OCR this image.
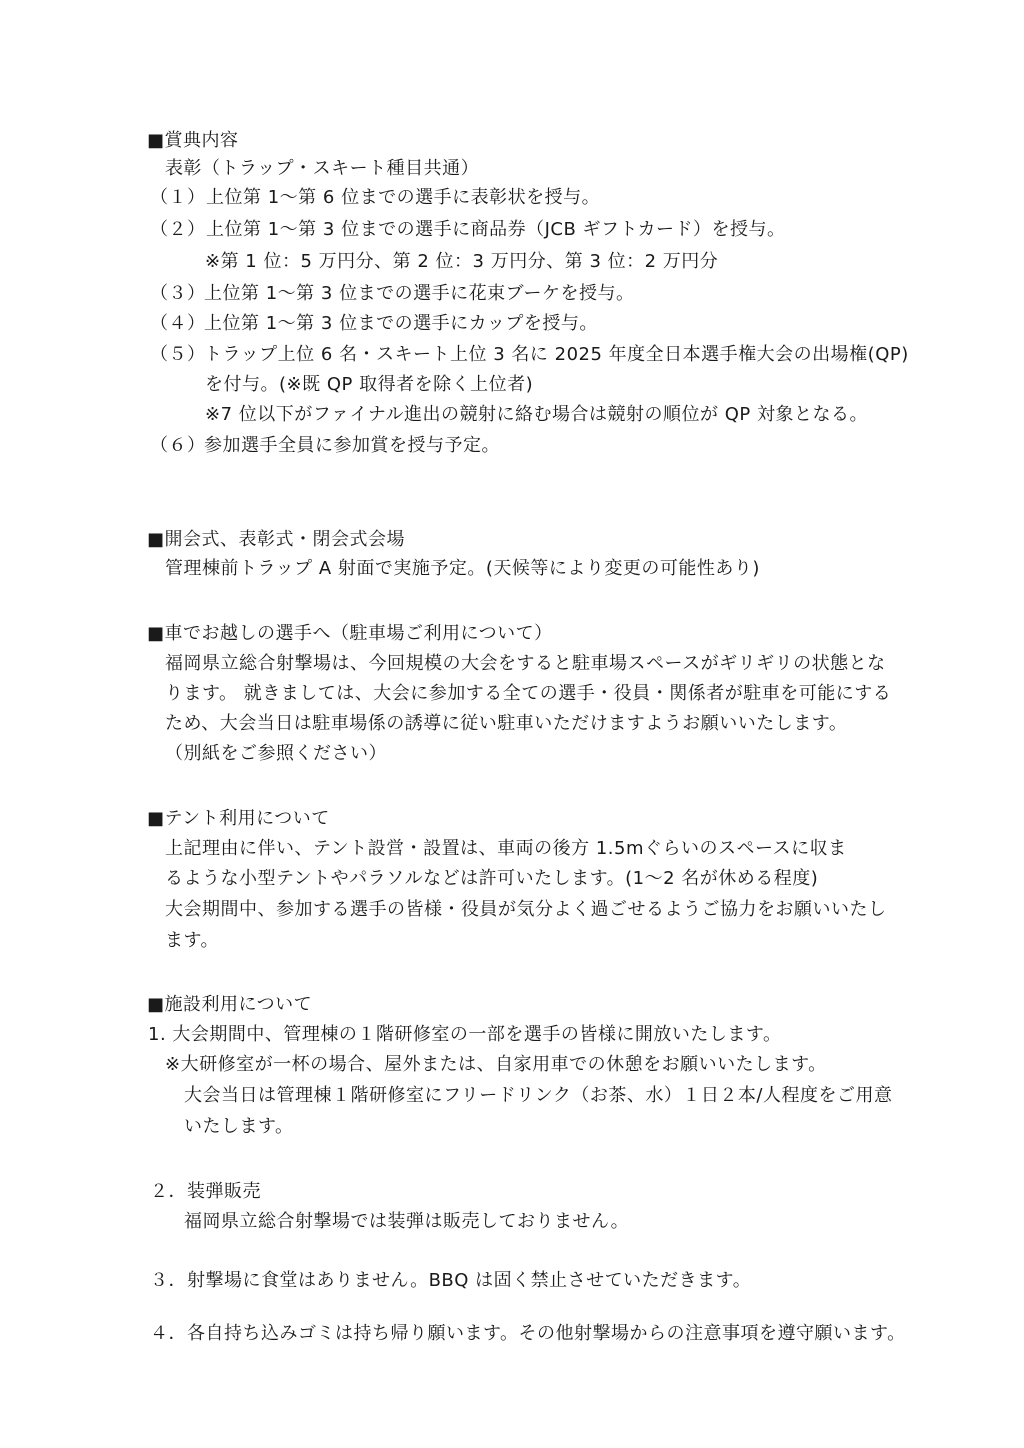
■賞典内容
表彰（トラップ・スキート種目共通）
（１） 上位第 1～第 6 位までの選手に表彰状を授与。
（２） 上位第 1～第 3 位までの選手に商品券（JCB ギフトカード）を授与。
※第 1 位：5 万円分、第 2 位：3 万円分、第 3 位：2 万円分
（３）
上位第 1～第 3 位までの選手に花束ブーケを授与。
（４）
上位第 1～第 3 位までの選手にカップを授与。
（５）
トラップ上位 6 名・スキート上位 3 名に 2025 年度全日本選手権大会の出場権(QP)
を付与。(※既 QP 取得者を除く上位者)
※7 位以下がファイナル進出の競射に絡む場合は競射の順位が QP 対象となる。
（６）
参加選手全員に参加賞を授与予定。
■開会式、表彰式・閉会式会場
管理棟前トラップ A 射面で実施予定。(天候等により変更の可能性あり)
■車でお越しの選手へ（駐車場ご利用について）
福岡県立総合射撃場は、今回規模の大会をすると駐車場スペースがギリギリの状態とな
ります。 就きましては、大会に参加する全ての選手・役員・関係者が駐車を可能にする
ため、大会当日は駐車場係の誘導に従い駐車いただけますようお願いいたします。
（別紙をご参照ください）
■テント利用について
上記理由に伴い、テント設営・設置は、車両の後方 1.5mぐらいのスペースに収ま
るような小型テントやパラソルなどは許可いたします。(1～2 名が休める程度)
大会期間中、参加する選手の皆様・役員が気分よく過ごせるようご協力をお願いいたし
ます。
■施設利用について
1. 大会期間中、管理棟の１階研修室の一部を選手の皆様に開放いたします。
※大研修室が一杯の場合、屋外または、自家用車での休憩をお願いいたします。
大会当日は管理棟１階研修室にフリードリンク（お茶、水）１日２本/人程度をご用意
いたします。
２．装弾販売
福岡県立総合射撃場では装弾は販売しておりません。
３．射撃場に食堂はありません。BBQ は固く禁止させていただきます。
４．各自持ち込みゴミは持ち帰り願います。その他射撃場からの注意事項を遵守願います。
